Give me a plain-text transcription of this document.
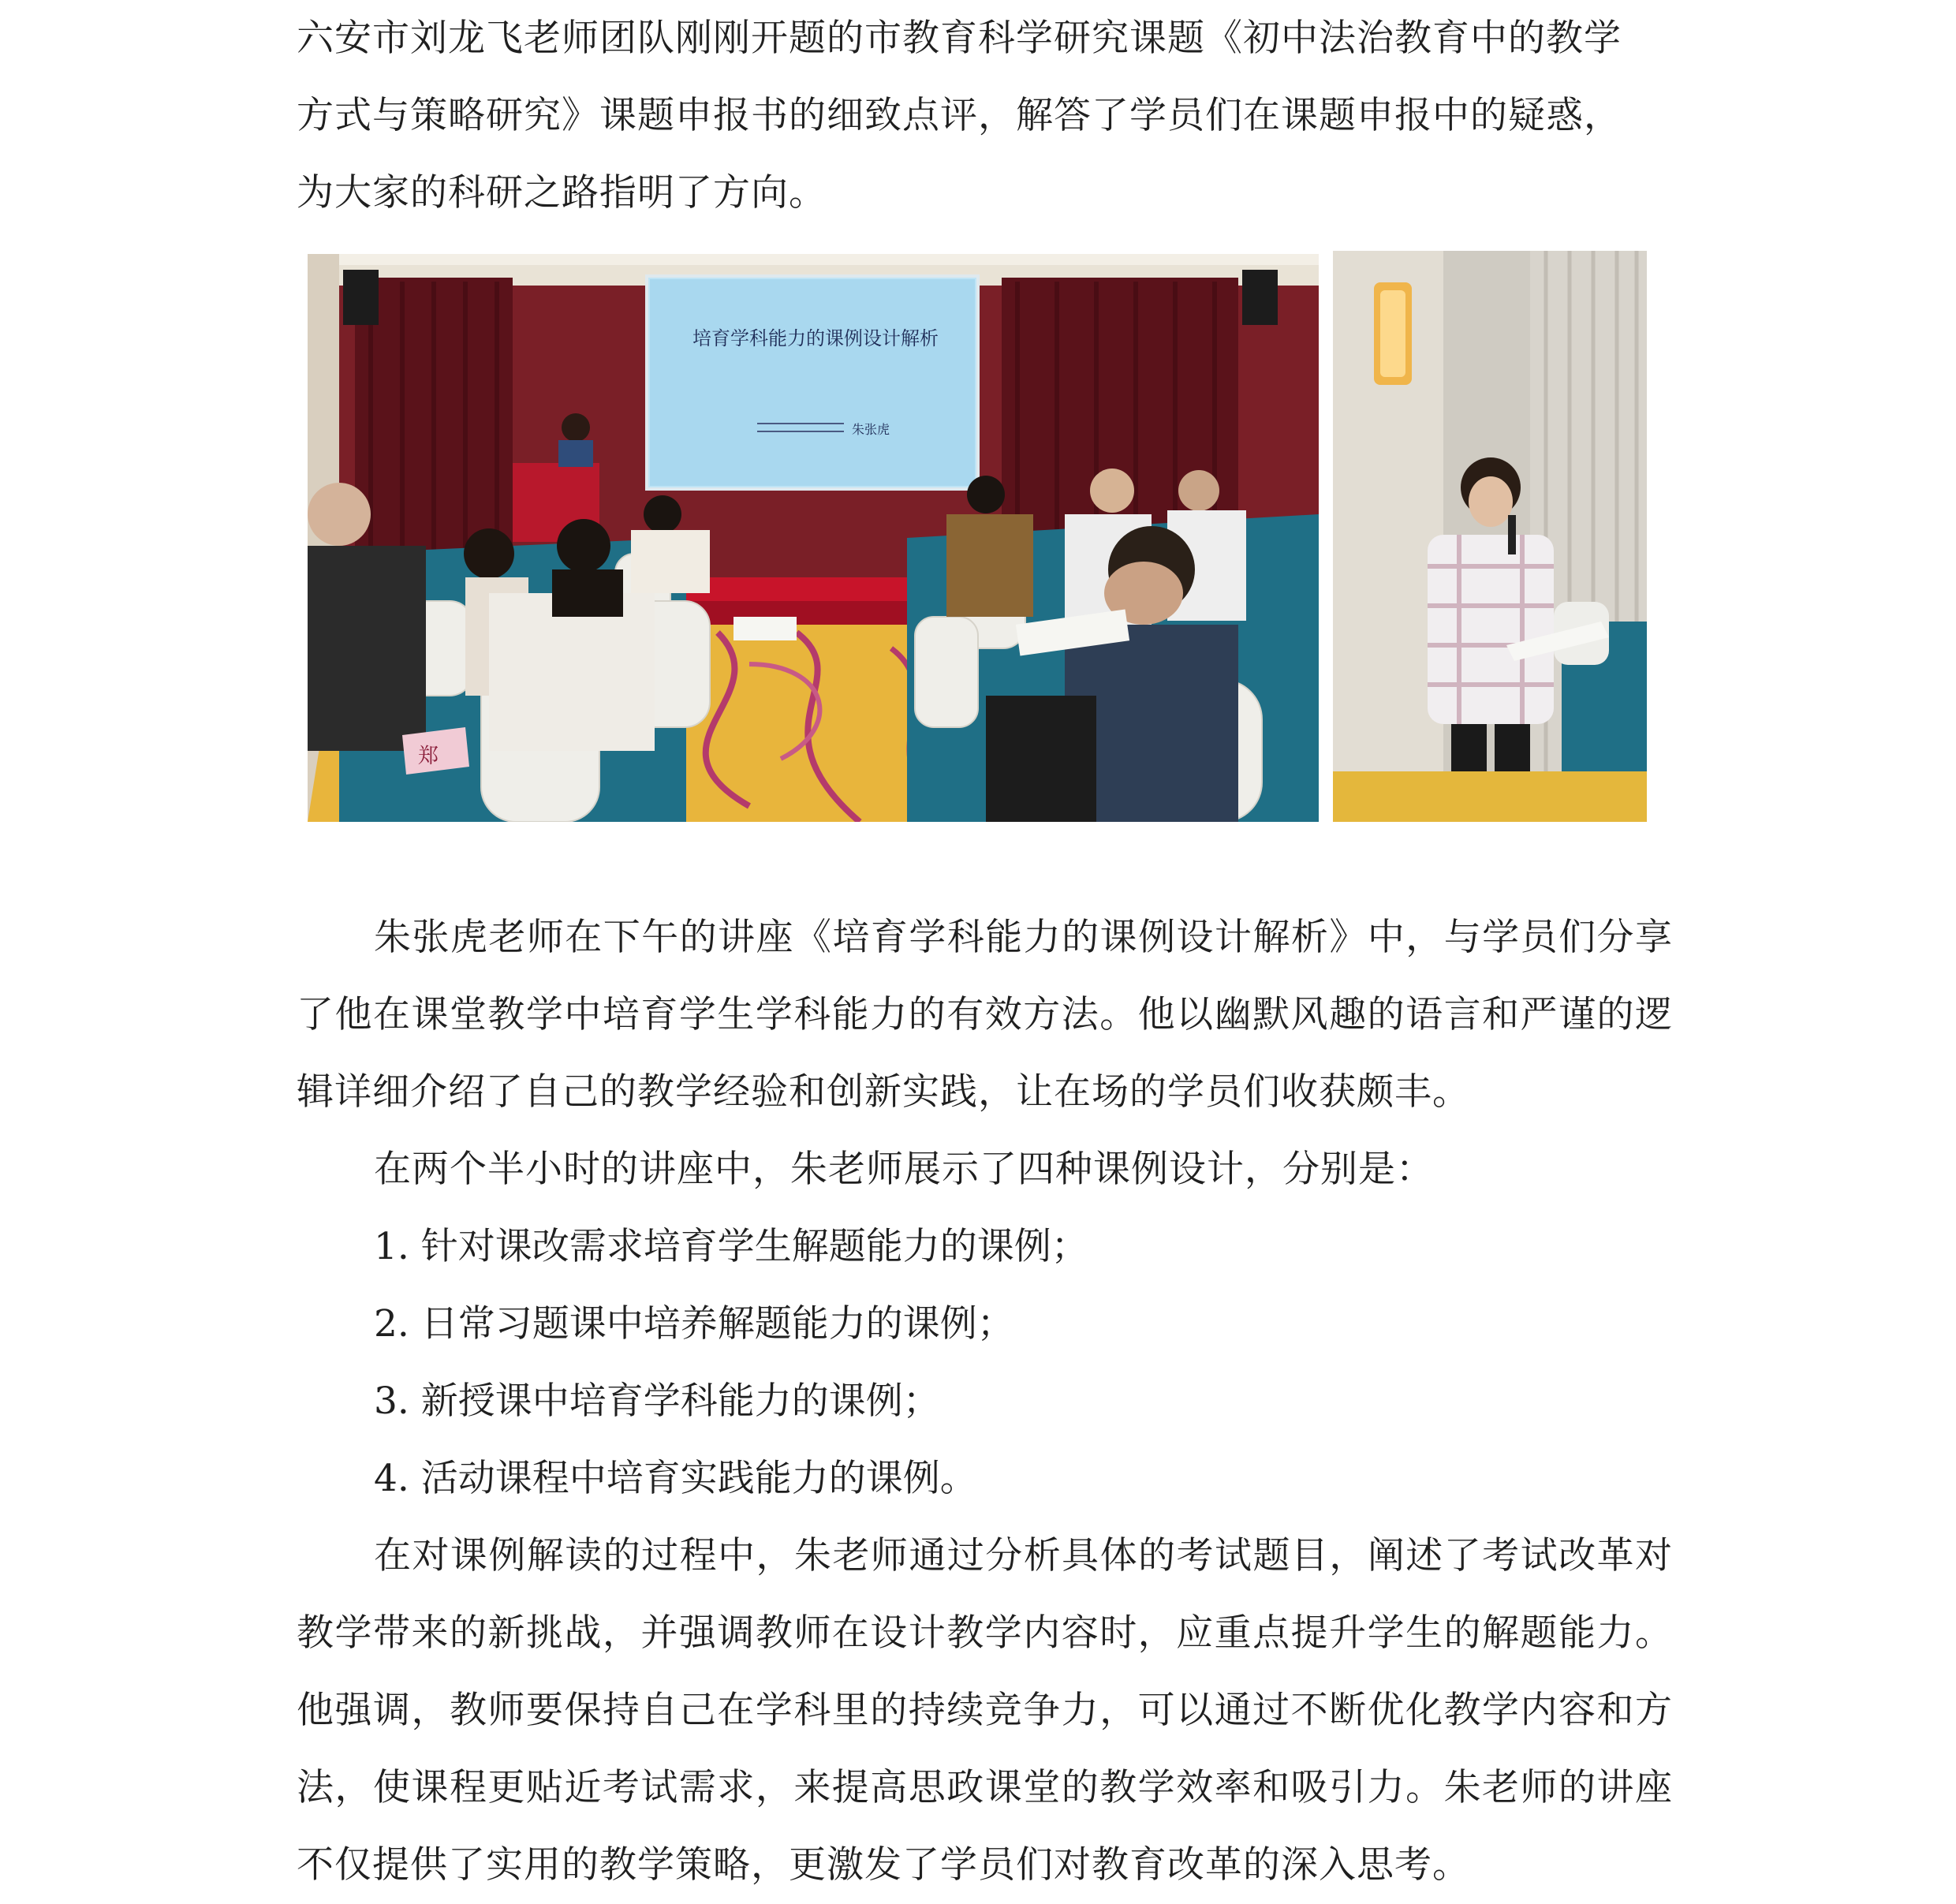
六安市刘龙飞老师团队刚刚开题的市教育科学研究课题《初中法治教育中的教学

方式与策略研究》课题申报书的细致点评，解答了学员们在课题申报中的疑惑，

为大家的科研之路指明了方向。

培育学科能力的课例设计解析
朱张虎
郑

朱张虎老师在下午的讲座《培育学科能力的课例设计解析》中，与学员们分享了他在课堂教学中培育学生学科能力的有效方法。他以幽默风趣的语言和严谨的逻辑详细介绍了自己的教学经验和创新实践，让在场的学员们收获颇丰。

在两个半小时的讲座中，朱老师展示了四种课例设计，分别是：

1. 针对课改需求培育学生解题能力的课例；

2. 日常习题课中培养解题能力的课例；

3. 新授课中培育学科能力的课例；

4. 活动课程中培育实践能力的课例。

在对课例解读的过程中，朱老师通过分析具体的考试题目，阐述了考试改革对教学带来的新挑战，并强调教师在设计教学内容时，应重点提升学生的解题能力。他强调，教师要保持自己在学科里的持续竞争力，可以通过不断优化教学内容和方法，使课程更贴近考试需求，来提高思政课堂的教学效率和吸引力。朱老师的讲座不仅提供了实用的教学策略，更激发了学员们对教育改革的深入思考。
